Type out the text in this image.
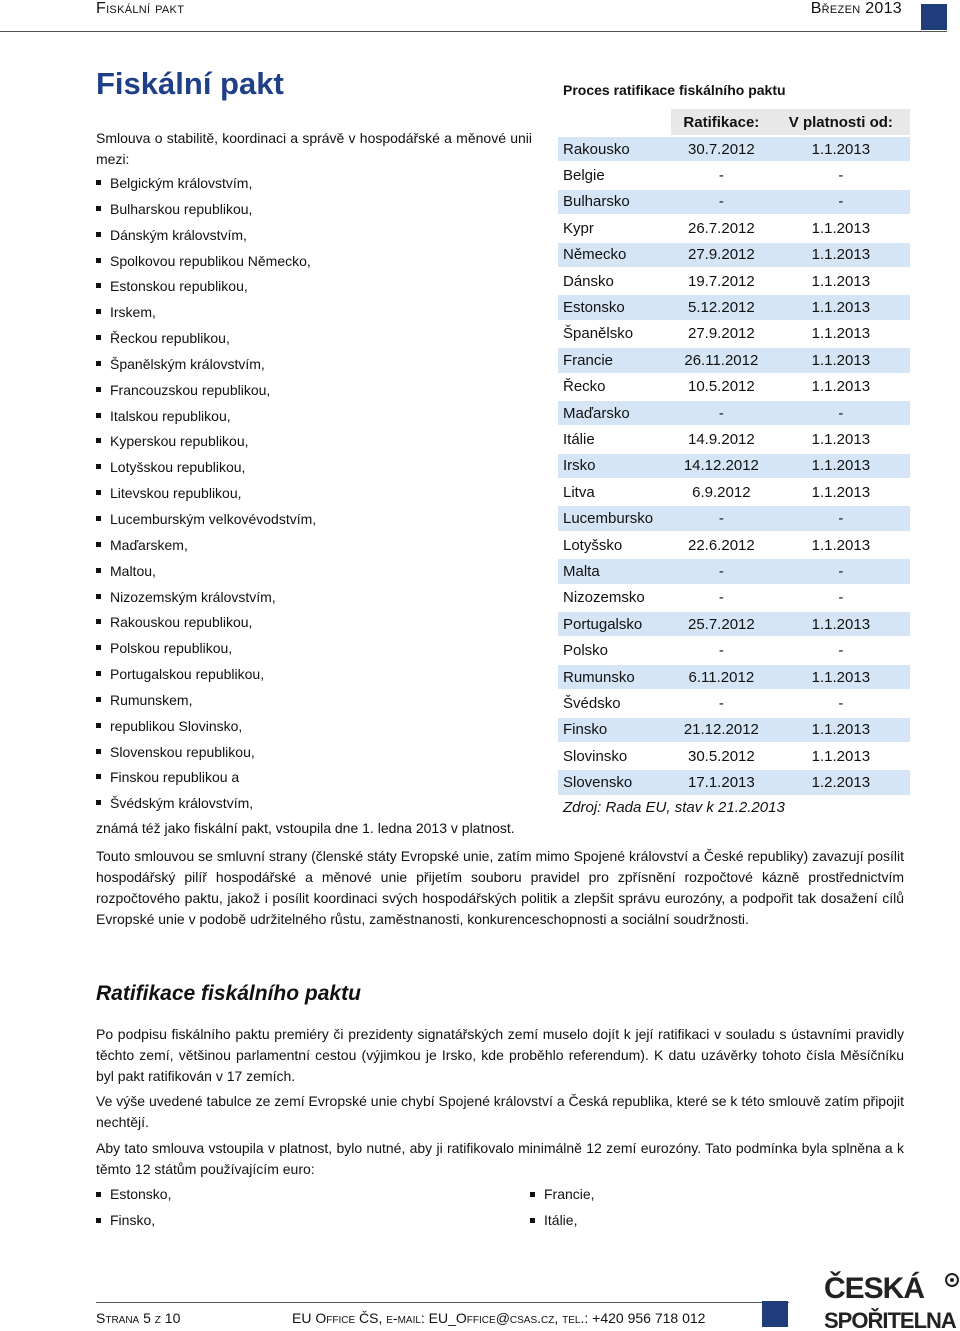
Fiskální pakt	Březen 2013
Fiskální pakt
Smlouva o stabilitě, koordinaci a správě v hospodářské a měnové unii mezi:
Belgickým královstvím,
Bulharskou republikou,
Dánským královstvím,
Spolkovou republikou Německo,
Estonskou republikou,
Irskem,
Řeckou republikou,
Španělským královstvím,
Francouzskou republikou,
Italskou republikou,
Kyperskou republikou,
Lotyšskou republikou,
Litevskou republikou,
Lucemburským velkovévodstvím,
Maďarskem,
Maltou,
Nizozemským královstvím,
Rakouskou republikou,
Polskou republikou,
Portugalskou republikou,
Rumunskem,
republikou Slovinsko,
Slovenskou republikou,
Finskou republikou a
Švédským královstvím,
známá též jako fiskální pakt, vstoupila dne 1. ledna 2013 v platnost.
Proces ratifikace fiskálního paktu
	Ratifikace:	V platnosti od:
Rakousko	30.7.2012	1.1.2013
Belgie	-	-
Bulharsko	-	-
Kypr	26.7.2012	1.1.2013
Německo	27.9.2012	1.1.2013
Dánsko	19.7.2012	1.1.2013
Estonsko	5.12.2012	1.1.2013
Španělsko	27.9.2012	1.1.2013
Francie	26.11.2012	1.1.2013
Řecko	10.5.2012	1.1.2013
Maďarsko	-	-
Itálie	14.9.2012	1.1.2013
Irsko	14.12.2012	1.1.2013
Litva	6.9.2012	1.1.2013
Lucembursko	-	-
Lotyšsko	22.6.2012	1.1.2013
Malta	-	-
Nizozemsko	-	-
Portugalsko	25.7.2012	1.1.2013
Polsko	-	-
Rumunsko	6.11.2012	1.1.2013
Švédsko	-	-
Finsko	21.12.2012	1.1.2013
Slovinsko	30.5.2012	1.1.2013
Slovensko	17.1.2013	1.2.2013
Zdroj: Rada EU, stav k 21.2.2013
Touto smlouvou se smluvní strany (členské státy Evropské unie, zatím mimo Spojené království a České republiky) zavazují posílit hospodářský pilíř hospodářské a měnové unie přijetím souboru pravidel pro zpřísnění rozpočtové kázně prostřednictvím rozpočtového paktu, jakož i posílit koordinaci svých hospodářských politik a zlepšit správu eurozóny, a podpořit tak dosažení cílů Evropské unie v podobě udržitelného růstu, zaměstnanosti, konkurenceschopnosti a sociální soudržnosti.
Ratifikace fiskálního paktu
Po podpisu fiskálního paktu premiéry či prezidenty signatářských zemí muselo dojít k její ratifikaci v souladu s ústavními pravidly těchto zemí, většinou parlamentní cestou (výjimkou je Irsko, kde proběhlo referendum). K datu uzávěrky tohoto čísla Měsíčníku byl pakt ratifikován v 17 zemích.
Ve výše uvedené tabulce ze zemí Evropské unie chybí Spojené království a Česká republika, které se k této smlouvě zatím připojit nechtějí.
Aby tato smlouva vstoupila v platnost, bylo nutné, aby ji ratifikovalo minimálně 12 zemí eurozóny. Tato podmínka byla splněna a k těmto 12 státům používajícím euro:
Estonsko,
Finsko,
Francie,
Itálie,
Strana 5 z 10	EU Office ČS, e-mail: EU_Office@csas.cz, tel.: +420 956 718 012
ČESKÁ
SPOŘITELNA
